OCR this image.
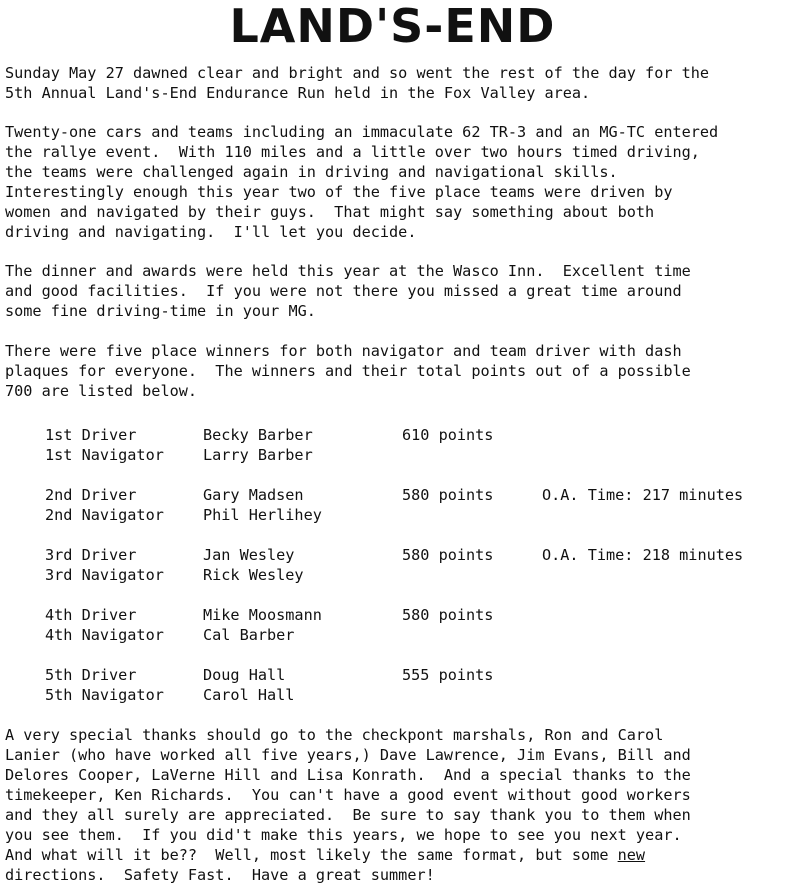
LAND'S-END

Sunday May 27 dawned clear and bright and so went the rest of the day for the
5th Annual Land's-End Endurance Run held in the Fox Valley area.

Twenty-one cars and teams including an immaculate 62 TR-3 and an MG-TC entered
the rallye event.  With 110 miles and a little over two hours timed driving,
the teams were challenged again in driving and navigational skills.
Interestingly enough this year two of the five place teams were driven by
women and navigated by their guys.  That might say something about both
driving and navigating.  I'll let you decide.

The dinner and awards were held this year at the Wasco Inn.  Excellent time
and good facilities.  If you were not there you missed a great time around
some fine driving-time in your MG.

There were five place winners for both navigator and team driver with dash
plaques for everyone.  The winners and their total points out of a possible
700 are listed below.

1st Driver	Becky Barber	610 points
1st Navigator	Larry Barber
2nd Driver	Gary Madsen	580 points	O.A. Time: 217 minutes
2nd Navigator	Phil Herlihey
3rd Driver	Jan Wesley	580 points	O.A. Time: 218 minutes
3rd Navigator	Rick Wesley
4th Driver	Mike Moosmann	580 points
4th Navigator	Cal Barber
5th Driver	Doug Hall	555 points
5th Navigator	Carol Hall

A very special thanks should go to the checkpont marshals, Ron and Carol
Lanier (who have worked all five years,) Dave Lawrence, Jim Evans, Bill and
Delores Cooper, LaVerne Hill and Lisa Konrath.  And a special thanks to the
timekeeper, Ken Richards.  You can't have a good event without good workers
and they all surely are appreciated.  Be sure to say thank you to them when
you see them.  If you did't make this years, we hope to see you next year.
And what will it be??  Well, most likely the same format, but some new
directions.  Safety Fast.  Have a great summer!
